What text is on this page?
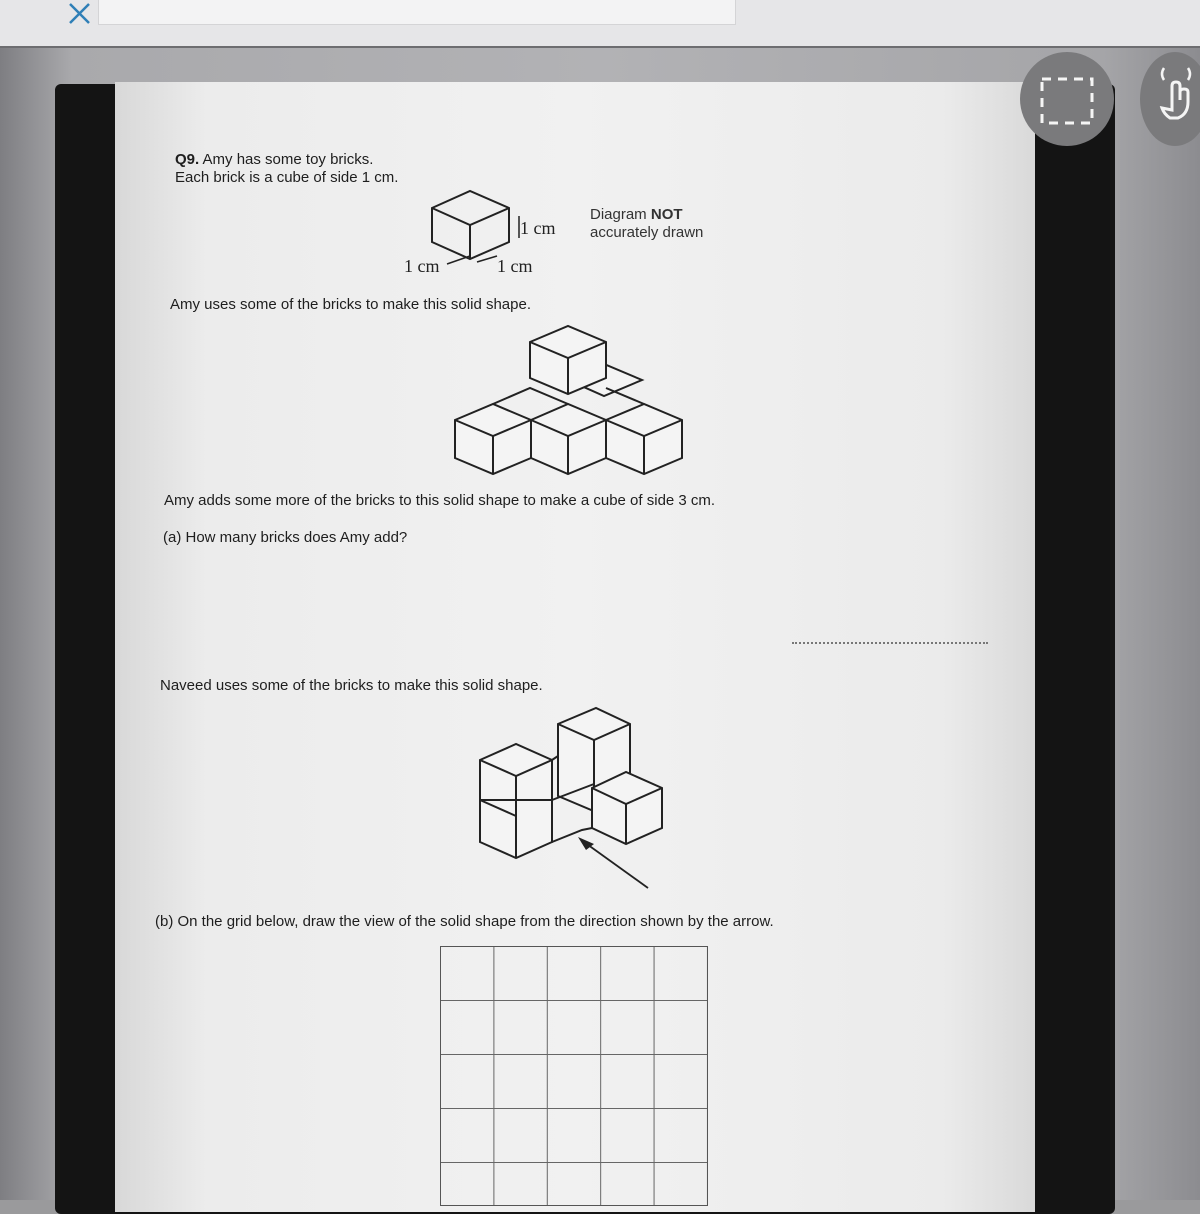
Q9. Amy has some toy bricks.
Each brick is a cube of side 1 cm.
1 cm
1 cm	1 cm
Diagram NOT
accurately drawn
Amy uses some of the bricks to make this solid shape.
Amy adds some more of the bricks to this solid shape to make a cube of side 3 cm.
(a) How many bricks does Amy add?
Naveed uses some of the bricks to make this solid shape.
(b) On the grid below, draw the view of the solid shape from the direction shown by the arrow.
